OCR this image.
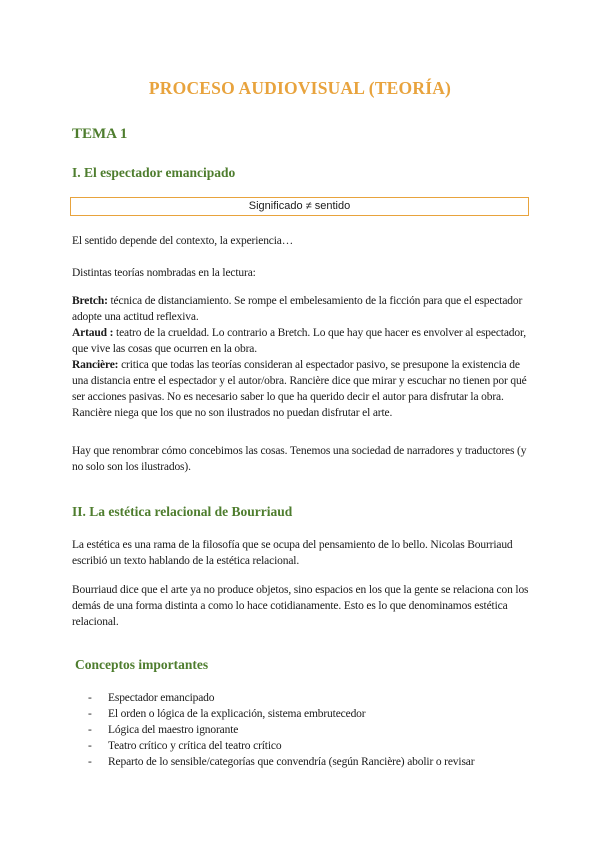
PROCESO AUDIOVISUAL (TEORÍA)
TEMA 1
I. El espectador emancipado
Significado ≠ sentido
El sentido depende del contexto, la experiencia…
Distintas teorías nombradas en la lectura:
Bretch: técnica de distanciamiento. Se rompe el embelesamiento de la ficción para que el espectador adopte una actitud reflexiva.
Artaud : teatro de la crueldad. Lo contrario a Bretch. Lo que hay que hacer es envolver al espectador, que vive las cosas que ocurren en la obra.
Rancière: critica que todas las teorías consideran al espectador pasivo, se presupone la existencia de una distancia entre el espectador y el autor/obra. Rancière dice que mirar y escuchar no tienen por qué ser acciones pasivas. No es necesario saber lo que ha querido decir el autor para disfrutar la obra. Rancière niega que los que no son ilustrados no puedan disfrutar el arte.
Hay que renombrar cómo concebimos las cosas. Tenemos una sociedad de narradores y traductores (y no solo son los ilustrados).
II. La estética relacional de Bourriaud
La estética es una rama de la filosofía que se ocupa del pensamiento de lo bello. Nicolas Bourriaud escribió un texto hablando de la estética relacional.
Bourriaud dice que el arte ya no produce objetos, sino espacios en los que la gente se relaciona con los demás de una forma distinta a como lo hace cotidianamente. Esto es lo que denominamos estética relacional.
Conceptos importantes
- Espectador emancipado
- El orden o lógica de la explicación, sistema embrutecedor
- Lógica del maestro ignorante
- Teatro crítico y crítica del teatro crítico
- Reparto de lo sensible/categorías que convendría (según Rancière) abolir o revisar
